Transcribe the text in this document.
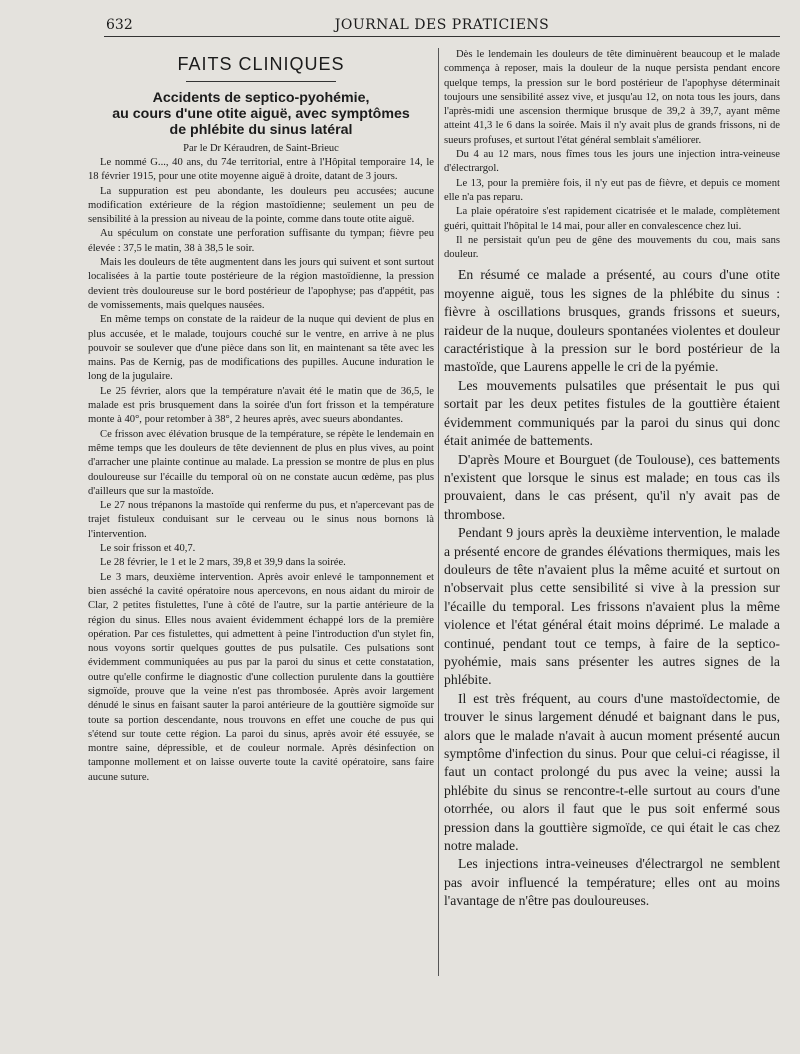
632	JOURNAL DES PRATICIENS
FAITS CLINIQUES
Accidents de septico-pyohémie,
au cours d'une otite aiguë, avec symptômes
de phlébite du sinus latéral
Par le Dr Kéraudren, de Saint-Brieuc

Le nommé G..., 40 ans, du 74e territorial, entre à l'Hôpital temporaire 14, le 18 février 1915, pour une otite moyenne aiguë à droite, datant de 3 jours.

La suppuration est peu abondante, les douleurs peu accusées; aucune modification extérieure de la région mastoïdienne; seulement un peu de sensibilité à la pression au niveau de la pointe, comme dans toute otite aiguë.

Au spéculum on constate une perforation suffisante du tympan; fièvre peu élevée : 37,5 le matin, 38 à 38,5 le soir.

Mais les douleurs de tête augmentent dans les jours qui suivent et sont surtout localisées à la partie toute postérieure de la région mastoïdienne, la pression devient très douloureuse sur le bord postérieur de l'apophyse; pas d'appétit, pas de vomissements, mais quelques nausées.

En même temps on constate de la raideur de la nuque qui devient de plus en plus accusée, et le malade, toujours couché sur le ventre, en arrive à ne plus pouvoir se soulever que d'une pièce dans son lit, en maintenant sa tête avec les mains. Pas de Kernig, pas de modifications des pupilles. Aucune induration le long de la jugulaire.

Le 25 février, alors que la température n'avait été le matin que de 36,5, le malade est pris brusquement dans la soirée d'un fort frisson et la température monte à 40°, pour retomber à 38°, 2 heures après, avec sueurs abondantes.

Ce frisson avec élévation brusque de la température, se répète le lendemain en même temps que les douleurs de tête deviennent de plus en plus vives, au point d'arracher une plainte continue au malade. La pression se montre de plus en plus douloureuse sur l'écaille du temporal où on ne constate aucun œdème, pas plus d'ailleurs que sur la mastoïde.

Le 27 nous trépanons la mastoïde qui renferme du pus, et n'apercevant pas de trajet fistuleux conduisant sur le cerveau ou le sinus nous bornons là l'intervention.

Le soir frisson et 40,7.

Le 28 février, le 1 et le 2 mars, 39,8 et 39,9 dans la soirée.

Le 3 mars, deuxième intervention. Après avoir enlevé le tamponnement et bien asséché la cavité opératoire nous apercevons, en nous aidant du miroir de Clar, 2 petites fistulettes, l'une à côté de l'autre, sur la partie antérieure de la région du sinus. Elles nous avaient évidemment échappé lors de la première opération. Par ces fistulettes, qui admettent à peine l'introduction d'un stylet fin, nous voyons sortir quelques gouttes de pus pulsatile. Ces pulsations sont évidemment communiquées au pus par la paroi du sinus et cette constatation, outre qu'elle confirme le diagnostic d'une collection purulente dans la gouttière sigmoïde, prouve que la veine n'est pas thrombosée. Après avoir largement dénudé le sinus en faisant sauter la paroi antérieure de la gouttière sigmoïde sur toute sa portion descendante, nous trouvons en effet une couche de pus qui s'étend sur toute cette région. La paroi du sinus, après avoir été essuyée, se montre saine, dépressible, et de couleur normale. Après désinfection on tamponne mollement et on laisse ouverte toute la cavité opératoire, sans faire aucune suture.

Dès le lendemain les douleurs de tête diminuèrent beaucoup et le malade commença à reposer, mais la douleur de la nuque persista pendant encore quelque temps, la pression sur le bord postérieur de l'apophyse déterminait toujours une sensibilité assez vive, et jusqu'au 12, on nota tous les jours, dans l'après-midi une ascension thermique brusque de 39,2 à 39,7, ayant même atteint 41,3 le 6 dans la soirée. Mais il n'y avait plus de grands frissons, ni de sueurs profuses, et surtout l'état général semblait s'améliorer.

Du 4 au 12 mars, nous fîmes tous les jours une injection intra-veineuse d'électrargol.

Le 13, pour la première fois, il n'y eut pas de fièvre, et depuis ce moment elle n'a pas reparu.

La plaie opératoire s'est rapidement cicatrisée et le malade, complètement guéri, quittait l'hôpital le 14 mai, pour aller en convalescence chez lui.

Il ne persistait qu'un peu de gêne des mouvements du cou, mais sans douleur.

En résumé ce malade a présenté, au cours d'une otite moyenne aiguë, tous les signes de la phlébite du sinus : fièvre à oscillations brusques, grands frissons et sueurs, raideur de la nuque, douleurs spontanées violentes et douleur caractéristique à la pression sur le bord postérieur de la mastoïde, que Laurens appelle le cri de la pyémie.

Les mouvements pulsatiles que présentait le pus qui sortait par les deux petites fistules de la gouttière étaient évidemment communiqués par la paroi du sinus qui donc était animée de battements.

D'après Moure et Bourguet (de Toulouse), ces battements n'existent que lorsque le sinus est malade; en tous cas ils prouvaient, dans le cas présent, qu'il n'y avait pas de thrombose.

Pendant 9 jours après la deuxième intervention, le malade a présenté encore de grandes élévations thermiques, mais les douleurs de tête n'avaient plus la même acuité et surtout on n'observait plus cette sensibilité si vive à la pression sur l'écaille du temporal. Les frissons n'avaient plus la même violence et l'état général était moins déprimé. Le malade a continué, pendant tout ce temps, à faire de la septico-pyohémie, mais sans présenter les autres signes de la phlébite.

Il est très fréquent, au cours d'une mastoïdectomie, de trouver le sinus largement dénudé et baignant dans le pus, alors que le malade n'avait à aucun moment présenté aucun symptôme d'infection du sinus. Pour que celui-ci réagisse, il faut un contact prolongé du pus avec la veine; aussi la phlébite du sinus se rencontre-t-elle surtout au cours d'une otorrhée, ou alors il faut que le pus soit enfermé sous pression dans la gouttière sigmoïde, ce qui était le cas chez notre malade.

Les injections intra-veineuses d'électrargol ne semblent pas avoir influencé la température; elles ont au moins l'avantage de n'être pas douloureuses.
